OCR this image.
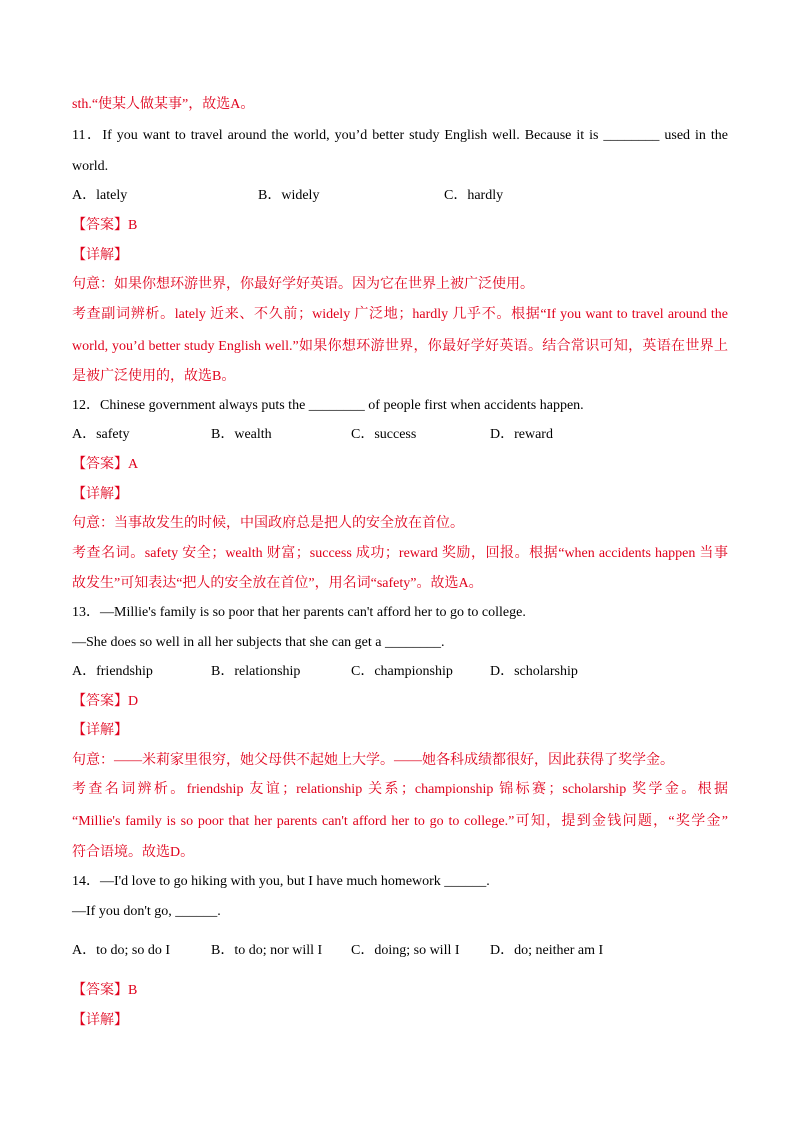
sth.“使某人做某事”，故选A。
11．If you want to travel around the world, you’d better study English well. Because it is ________ used in the
world.
A．lately	B．widely	C．hardly
【答案】B
【详解】
句意：如果你想环游世界，你最好学好英语。因为它在世界上被广泛使用。
考查副词辨析。lately 近来、不久前；widely 广泛地；hardly 几乎不。根据“If you want to travel around the
world, you’d better study English well.”如果你想环游世界，你最好学好英语。结合常识可知，英语在世界上
是被广泛使用的，故选B。
12．Chinese government always puts the ________ of people first when accidents happen.
A．safety	B．wealth	C．success	D．reward
【答案】A
【详解】
句意：当事故发生的时候，中国政府总是把人的安全放在首位。
考查名词。safety 安全；wealth 财富；success 成功；reward 奖励，回报。根据“when accidents happen 当事
故发生”可知表达“把人的安全放在首位”，用名词“safety”。故选A。
13．—Millie's family is so poor that her parents can't afford her to go to college.
—She does so well in all her subjects that she can get a ________.
A．friendship	B．relationship	C．championship	D．scholarship
【答案】D
【详解】
句意：——米莉家里很穷，她父母供不起她上大学。——她各科成绩都很好，因此获得了奖学金。
考查名词辨析。friendship 友谊；relationship 关系；championship 锦标赛；scholarship 奖学金。根据
“Millie's family is so poor that her parents can't afford her to go to college.”可知，提到金钱问题，“奖学金”
符合语境。故选D。
14．—I'd love to go hiking with you, but I have much homework ______.
—If you don't go, ______.
A．to do; so do I	B．to do; nor will I C．doing; so will I D．do; neither am I
【答案】B
【详解】
